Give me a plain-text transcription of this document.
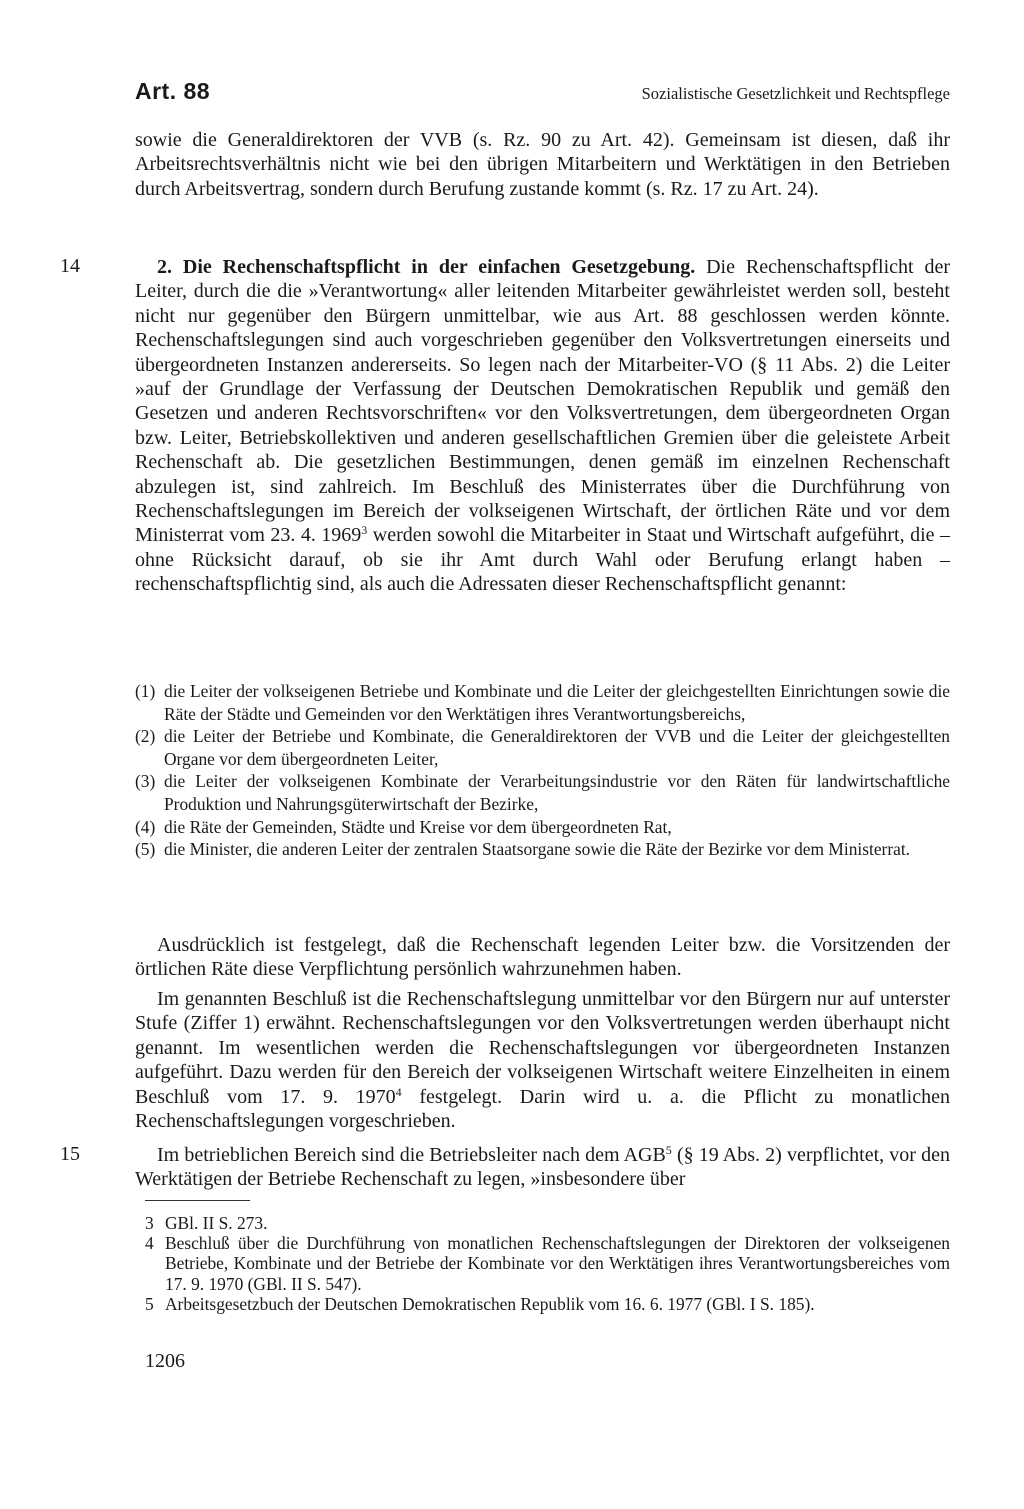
Art. 88	Sozialistische Gesetzlichkeit und Rechtspflege

sowie die Generaldirektoren der VVB (s. Rz. 90 zu Art. 42). Gemeinsam ist diesen, daß ihr Arbeitsrechtsverhältnis nicht wie bei den übrigen Mitarbeitern und Werktätigen in den Betrieben durch Arbeitsvertrag, sondern durch Berufung zustande kommt (s. Rz. 17 zu Art. 24).

14	2. Die Rechenschaftspflicht in der einfachen Gesetzgebung. Die Rechenschaftspflicht der Leiter, durch die die »Verantwortung« aller leitenden Mitarbeiter gewährleistet werden soll, besteht nicht nur gegenüber den Bürgern unmittelbar, wie aus Art. 88 geschlossen werden könnte. Rechenschaftslegungen sind auch vorgeschrieben gegenüber den Volksvertretungen einerseits und übergeordneten Instanzen andererseits. So legen nach der Mitarbeiter-VO (§ 11 Abs. 2) die Leiter »auf der Grundlage der Verfassung der Deutschen Demokratischen Republik und gemäß den Gesetzen und anderen Rechtsvorschriften« vor den Volksvertretungen, dem übergeordneten Organ bzw. Leiter, Betriebskollektiven und anderen gesellschaftlichen Gremien über die geleistete Arbeit Rechenschaft ab. Die gesetzlichen Bestimmungen, denen gemäß im einzelnen Rechenschaft abzulegen ist, sind zahlreich. Im Beschluß des Ministerrates über die Durchführung von Rechenschaftslegungen im Bereich der volkseigenen Wirtschaft, der örtlichen Räte und vor dem Ministerrat vom 23. 4. 1969$^3$ werden sowohl die Mitarbeiter in Staat und Wirtschaft aufgeführt, die – ohne Rücksicht darauf, ob sie ihr Amt durch Wahl oder Berufung erlangt haben – rechenschaftspflichtig sind, als auch die Adressaten dieser Rechenschaftspflicht genannt:

(1) die Leiter der volkseigenen Betriebe und Kombinate und die Leiter der gleichgestellten Einrichtungen sowie die Räte der Städte und Gemeinden vor den Werktätigen ihres Verantwortungsbereichs,
(2) die Leiter der Betriebe und Kombinate, die Generaldirektoren der VVB und die Leiter der gleichgestellten Organe vor dem übergeordneten Leiter,
(3) die Leiter der volkseigenen Kombinate der Verarbeitungsindustrie vor den Räten für landwirtschaftliche Produktion und Nahrungsgüterwirtschaft der Bezirke,
(4) die Räte der Gemeinden, Städte und Kreise vor dem übergeordneten Rat,
(5) die Minister, die anderen Leiter der zentralen Staatsorgane sowie die Räte der Bezirke vor dem Ministerrat.

Ausdrücklich ist festgelegt, daß die Rechenschaft legenden Leiter bzw. die Vorsitzenden der örtlichen Räte diese Verpflichtung persönlich wahrzunehmen haben.

Im genannten Beschluß ist die Rechenschaftslegung unmittelbar vor den Bürgern nur auf unterster Stufe (Ziffer 1) erwähnt. Rechenschaftslegungen vor den Volksvertretungen werden überhaupt nicht genannt. Im wesentlichen werden die Rechenschaftslegungen vor übergeordneten Instanzen aufgeführt. Dazu werden für den Bereich der volkseigenen Wirtschaft weitere Einzelheiten in einem Beschluß vom 17. 9. 1970$^4$ festgelegt. Darin wird u. a. die Pflicht zu monatlichen Rechenschaftslegungen vorgeschrieben.

15	Im betrieblichen Bereich sind die Betriebsleiter nach dem AGB$^5$ (§ 19 Abs. 2) verpflichtet, vor den Werktätigen der Betriebe Rechenschaft zu legen, »insbesondere über

3 GBl. II S. 273.
4 Beschluß über die Durchführung von monatlichen Rechenschaftslegungen der Direktoren der volkseigenen Betriebe, Kombinate und der Betriebe der Kombinate vor den Werktätigen ihres Verantwortungsbereiches vom 17. 9. 1970 (GBl. II S. 547).
5 Arbeitsgesetzbuch der Deutschen Demokratischen Republik vom 16. 6. 1977 (GBl. I S. 185).
1206
